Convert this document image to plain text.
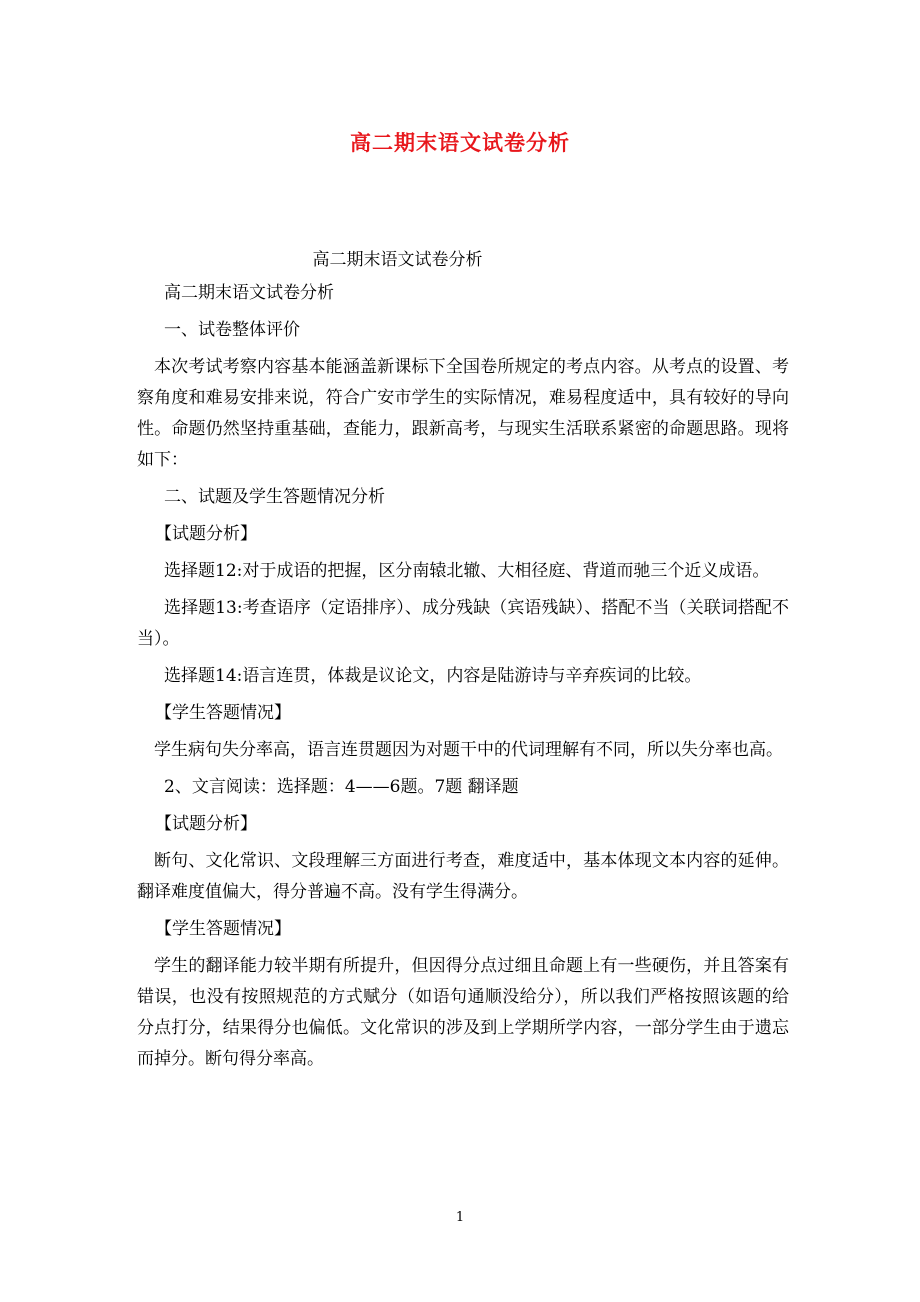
高二期末语文试卷分析
高二期末语文试卷分析

高二期末语文试卷分析

一、试卷整体评价

本次考试考察内容基本能涵盖新课标下全国卷所规定的考点内容。从考点的设置、考察角度和难易安排来说，符合广安市学生的实际情况，难易程度适中，具有较好的导向性。命题仍然坚持重基础，查能力，跟新高考，与现实生活联系紧密的命题思路。现将如下：

二、试题及学生答题情况分析

【试题分析】

选择题12:对于成语的把握，区分南辕北辙、大相径庭、背道而驰三个近义成语。

选择题13:考查语序（定语排序）、成分残缺（宾语残缺）、搭配不当（关联词搭配不当）。

选择题14:语言连贯，体裁是议论文，内容是陆游诗与辛弃疾词的比较。

【学生答题情况】

学生病句失分率高，语言连贯题因为对题干中的代词理解有不同，所以失分率也高。

2、文言阅读：选择题：4——6题。7题 翻译题

【试题分析】

断句、文化常识、文段理解三方面进行考查，难度适中，基本体现文本内容的延伸。翻译难度值偏大，得分普遍不高。没有学生得满分。

【学生答题情况】

学生的翻译能力较半期有所提升，但因得分点过细且命题上有一些硬伤，并且答案有错误，也没有按照规范的方式赋分（如语句通顺没给分），所以我们严格按照该题的给分点打分，结果得分也偏低。文化常识的涉及到上学期所学内容，一部分学生由于遗忘而掉分。断句得分率高。

1
